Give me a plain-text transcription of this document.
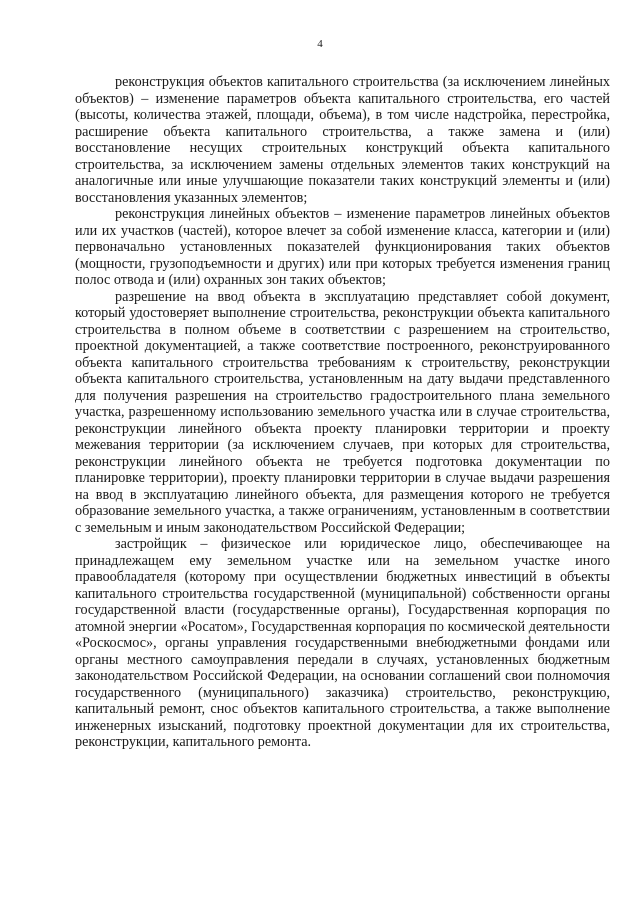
4

реконструкция объектов капитального строительства (за исключением линейных объектов) – изменение параметров объекта капитального строительства, его частей (высоты, количества этажей, площади, объема), в том числе надстройка, перестройка, расширение объекта капитального строительства, а также замена и (или) восстановление несущих строительных конструкций объекта капитального строительства, за исключением замены отдельных элементов таких конструкций на аналогичные или иные улучшающие показатели таких конструкций элементы и (или) восстановления указанных элементов;

реконструкция линейных объектов – изменение параметров линейных объектов или их участков (частей), которое влечет за собой изменение класса, категории и (или) первоначально установленных показателей функционирования таких объектов (мощности, грузоподъемности и других) или при которых требуется изменения границ полос отвода и (или) охранных зон таких объектов;

разрешение на ввод объекта в эксплуатацию представляет собой документ, который удостоверяет выполнение строительства, реконструкции объекта капитального строительства в полном объеме в соответствии с разрешением на строительство, проектной документацией, а также соответствие построенного, реконструированного объекта капитального строительства требованиям к строительству, реконструкции объекта капитального строительства, установленным на дату выдачи представленного для получения разрешения на строительство градостроительного плана земельного участка, разрешенному использованию земельного участка или в случае строительства, реконструкции линейного объекта проекту планировки территории и проекту межевания территории (за исключением случаев, при которых для строительства, реконструкции линейного объекта не требуется подготовка документации по планировке территории), проекту планировки территории в случае выдачи разрешения на ввод в эксплуатацию линейного объекта, для размещения которого не требуется образование земельного участка, а также ограничениям, установленным в соответствии с земельным и иным законодательством Российской Федерации;

застройщик – физическое или юридическое лицо, обеспечивающее на принадлежащем ему земельном участке или на земельном участке иного правообладателя (которому при осуществлении бюджетных инвестиций в объекты капитального строительства государственной (муниципальной) собственности органы государственной власти (государственные органы), Государственная корпорация по атомной энергии «Росатом», Государственная корпорация по космической деятельности «Роскосмос», органы управления государственными внебюджетными фондами или органы местного самоуправления передали в случаях, установленных бюджетным законодательством Российской Федерации, на основании соглашений свои полномочия государственного (муниципального) заказчика) строительство, реконструкцию, капитальный ремонт, снос объектов капитального строительства, а также выполнение инженерных изысканий, подготовку проектной документации для их строительства, реконструкции, капитального ремонта.
